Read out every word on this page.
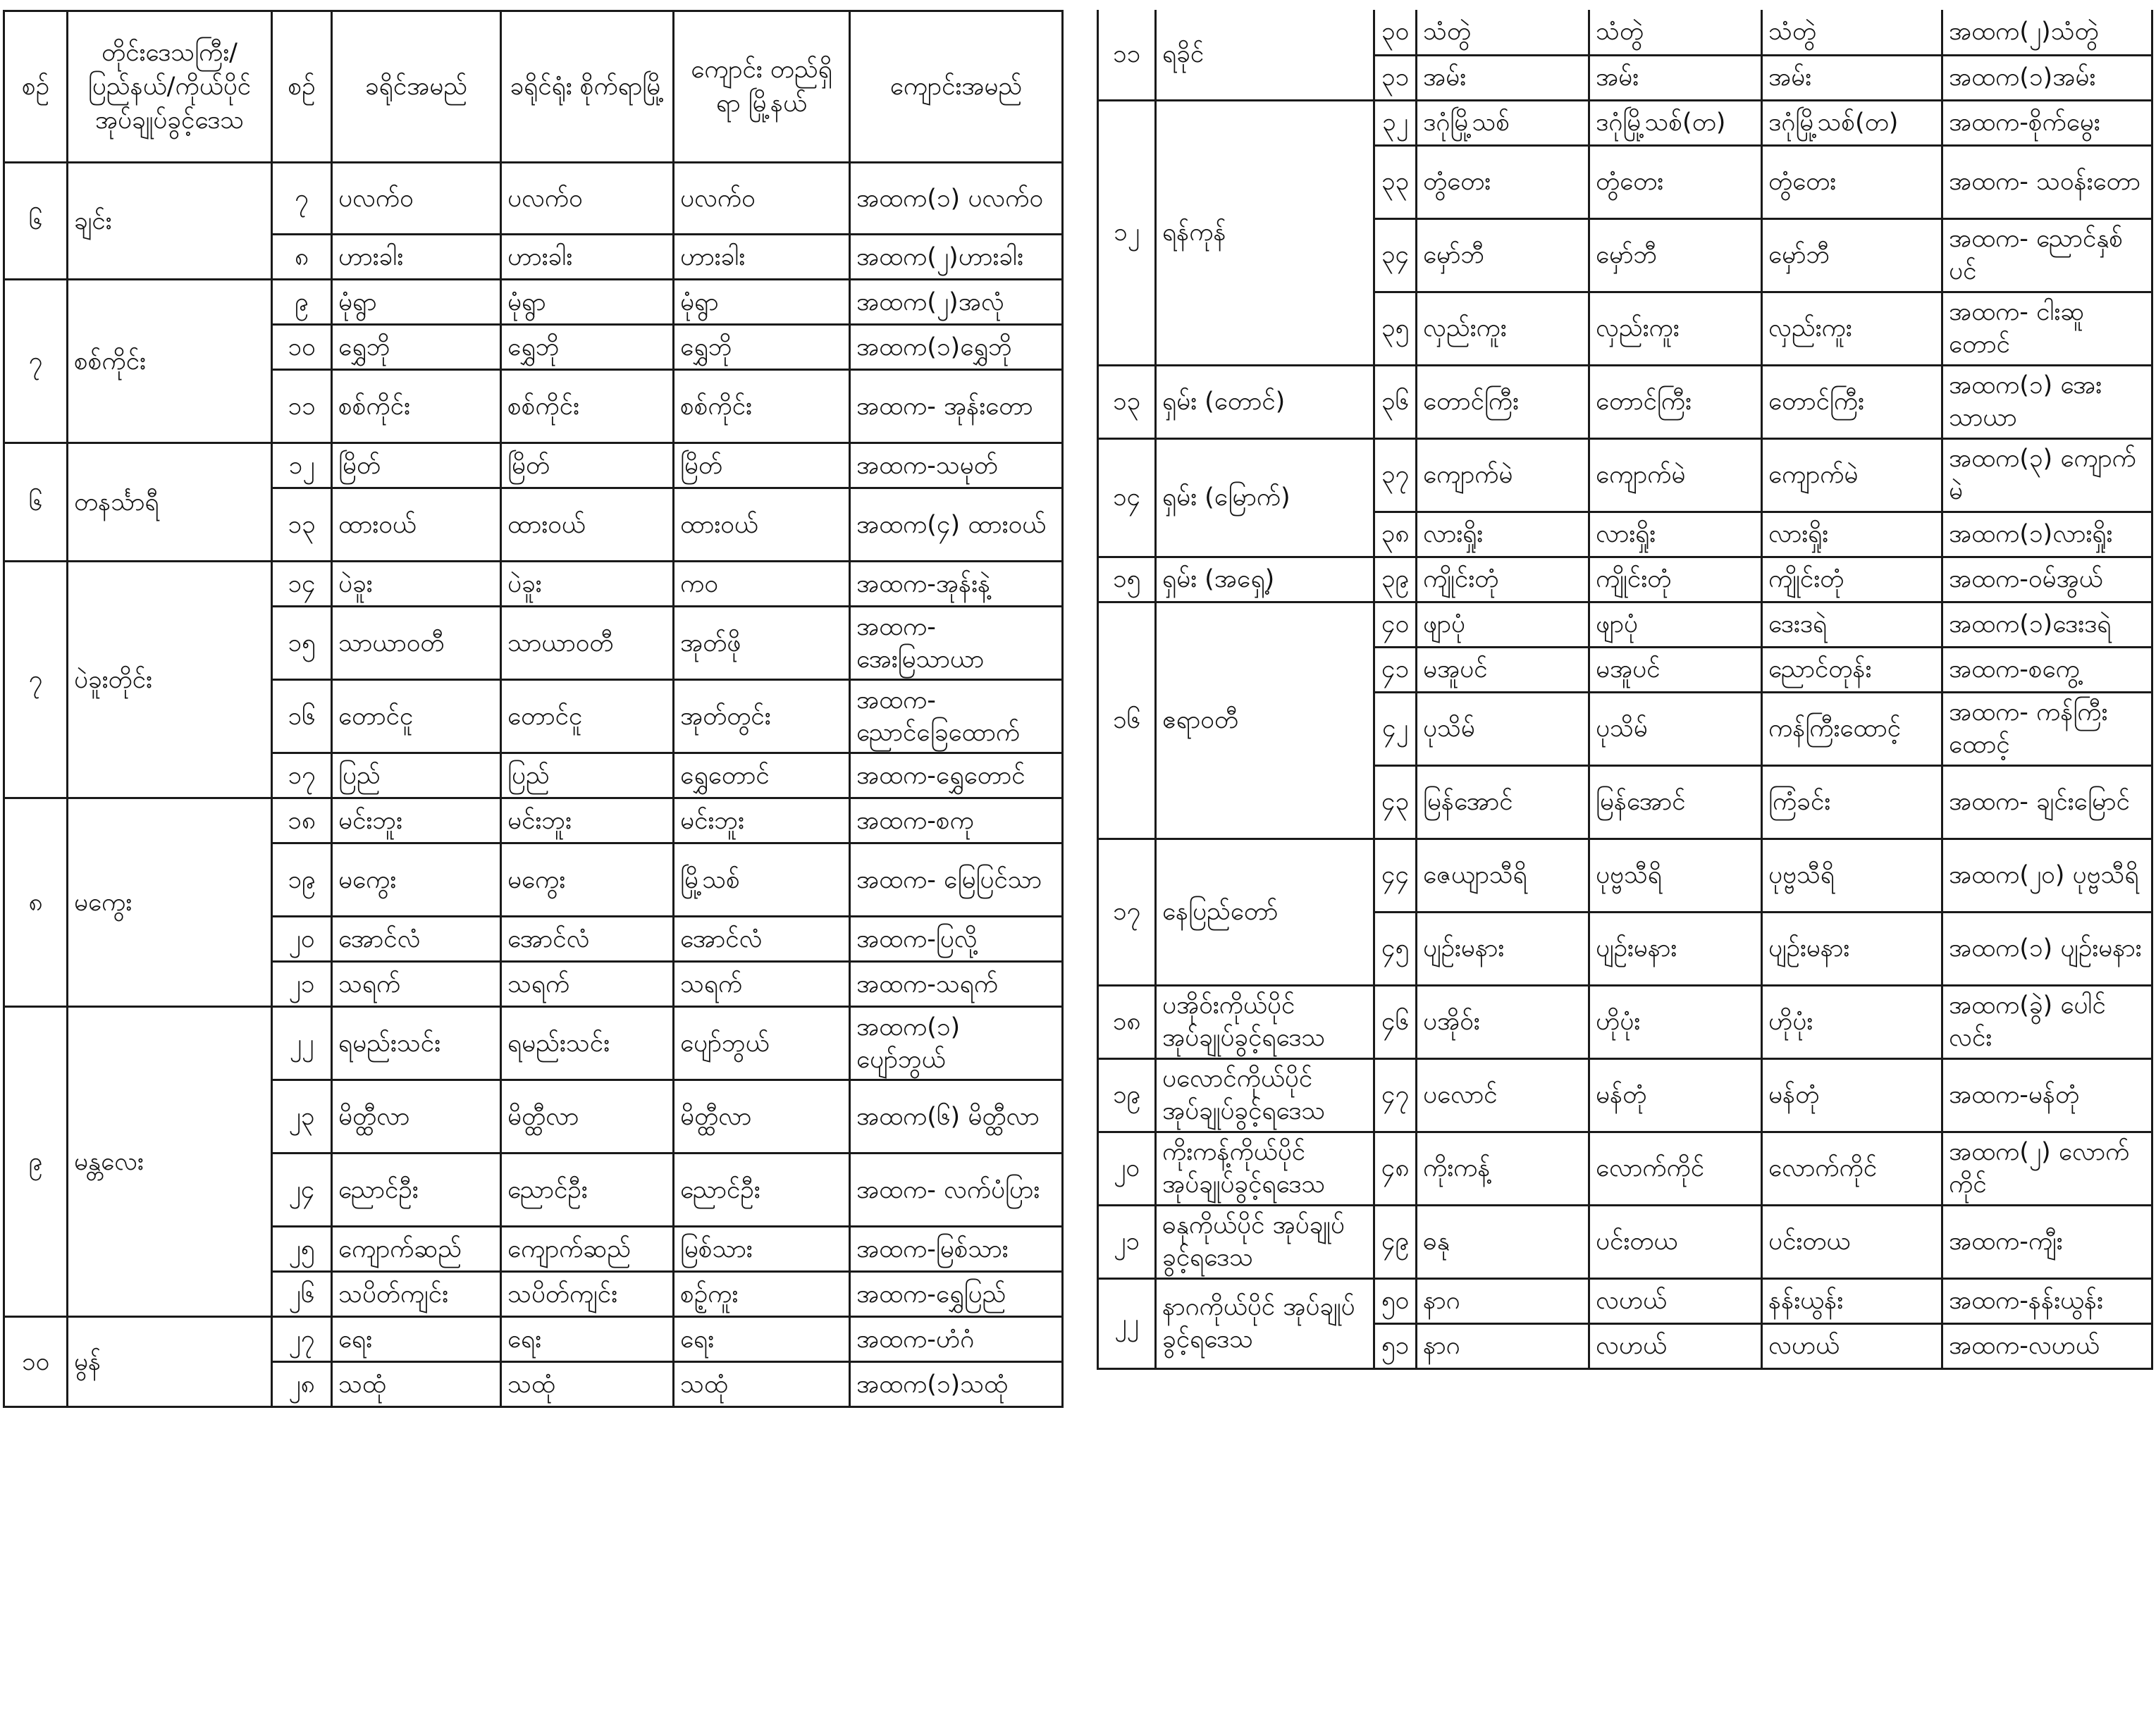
စဉ်	တိုင်းဒေသကြီး/ ပြည်နယ်/ကိုယ်ပိုင် အုပ်ချုပ်ခွင့်ဒေသ	စဉ်	ခရိုင်အမည်	ခရိုင်ရုံး စိုက်ရာမြို့	ကျောင်း တည်ရှိရာ မြို့နယ်	ကျောင်းအမည်
၆	ချင်း	၇	ပလက်ဝ	ပလက်ဝ	ပလက်ဝ	အထက(၁) ပလက်ဝ
		၈	ဟားခါး	ဟားခါး	ဟားခါး	အထက(၂)ဟားခါး
၇	စစ်ကိုင်း	၉	မုံရွာ	မုံရွာ	မုံရွာ	အထက(၂)အလုံ
		၁၀	ရွှေဘို	ရွှေဘို	ရွှေဘို	အထက(၁)ရွှေဘို
		၁၁	စစ်ကိုင်း	စစ်ကိုင်း	စစ်ကိုင်း	အထက- အုန်းတော
၆	တနင်္သာရီ	၁၂	မြိတ်	မြိတ်	မြိတ်	အထက-သမုတ်
		၁၃	ထားဝယ်	ထားဝယ်	ထားဝယ်	အထက(၄) ထားဝယ်
၇	ပဲခူးတိုင်း	၁၄	ပဲခူး	ပဲခူး	ကဝ	အထက-အုန်းနဲ့
		၁၅	သာယာဝတီ	သာယာဝတီ	အုတ်ဖို	အထက- အေးမြသာယာ
		၁၆	တောင်ငူ	တောင်ငူ	အုတ်တွင်း	အထက- ညောင်ခြေထောက်
		၁၇	ပြည်	ပြည်	ရွှေတောင်	အထက-ရွှေတောင်
၈	မကွေး	၁၈	မင်းဘူး	မင်းဘူး	မင်းဘူး	အထက-စကု
		၁၉	မကွေး	မကွေး	မြို့သစ်	အထက- မြေပြင်သာ
		၂၀	အောင်လံ	အောင်လံ	အောင်လံ	အထက-ပြလို့
		၂၁	သရက်	သရက်	သရက်	အထက-သရက်
၉	မန္တလေး	၂၂	ရမည်းသင်း	ရမည်းသင်း	ပျော်ဘွယ်	အထက(၁) ပျော်ဘွယ်
		၂၃	မိတ္ထီလာ	မိတ္ထီလာ	မိတ္ထီလာ	အထက(၆) မိတ္ထီလာ
		၂၄	ညောင်ဦး	ညောင်ဦး	ညောင်ဦး	အထက- လက်ပံပြား
		၂၅	ကျောက်ဆည်	ကျောက်ဆည်	မြစ်သား	အထက-မြစ်သား
		၂၆	သပိတ်ကျင်း	သပိတ်ကျင်း	စဥ့်ကူး	အထက-ရွှေပြည်
၁၀	မွန်	၂၇	ရေး	ရေး	ရေး	အထက-ဟံဂံ
		၂၈	သထုံ	သထုံ	သထုံ	အထက(၁)သထုံ
၁၁	ရခိုင်	၃၀	သံတွဲ	သံတွဲ	သံတွဲ	အထက(၂)သံတွဲ
		၃၁	အမ်း	အမ်း	အမ်း	အထက(၁)အမ်း
၁၂	ရန်ကုန်	၃၂	ဒဂုံမြို့သစ်	ဒဂုံမြို့သစ်(တ)	ဒဂုံမြို့သစ်(တ)	အထက-စိုက်မွေး
		၃၃	တွံတေး	တွံတေး	တွံတေး	အထက- သဝန်းတော
		၃၄	မှော်ဘီ	မှော်ဘီ	မှော်ဘီ	အထက- ညောင်နှစ်ပင်
		၃၅	လှည်းကူး	လှည်းကူး	လှည်းကူး	အထက- ငါးဆူတောင်
၁၃	ရှမ်း (တောင်)	၃၆	တောင်ကြီး	တောင်ကြီး	တောင်ကြီး	အထက(၁) အေးသာယာ
၁၄	ရှမ်း (မြောက်)	၃၇	ကျောက်မဲ	ကျောက်မဲ	ကျောက်မဲ	အထက(၃) ကျောက်မဲ
		၃၈	လားရှိုး	လားရှိုး	လားရှိုး	အထက(၁)လားရှိုး
၁၅	ရှမ်း (အရှေ့)	၃၉	ကျိုင်းတုံ	ကျိုင်းတုံ	ကျိုင်းတုံ	အထက-ဝမ်အွယ်
၁၆	ဧရာဝတီ	၄၀	ဖျာပုံ	ဖျာပုံ	ဒေးဒရဲ	အထက(၁)ဒေးဒရဲ
		၄၁	မအူပင်	မအူပင်	ညောင်တုန်း	အထက-စကွေ့
		၄၂	ပုသိမ်	ပုသိမ်	ကန်ကြီးထောင့်	အထက- ကန်ကြီးထောင့်
		၄၃	မြန်အောင်	မြန်အောင်	ကြံခင်း	အထက- ချင်းမြောင်
၁၇	နေပြည်တော်	၄၄	ဇေယျာသီရိ	ပုဗ္ဗသီရိ	ပုဗ္ဗသီရိ	အထက(၂၀) ပုဗ္ဗသီရိ
		၄၅	ပျဉ်းမနား	ပျဉ်းမနား	ပျဉ်းမနား	အထက(၁) ပျဉ်းမနား
၁၈	ပအိုဝ်းကိုယ်ပိုင် အုပ်ချုပ်ခွင့်ရဒေသ	၄၆	ပအိုဝ်း	ဟိုပုံး	ဟိုပုံး	အထက(ခွဲ) ပေါင်လင်း
၁၉	ပလောင်ကိုယ်ပိုင် အုပ်ချုပ်ခွင့်ရဒေသ	၄၇	ပလောင်	မန်တုံ	မန်တုံ	အထက-မန်တုံ
၂၀	ကိုးကန့်ကိုယ်ပိုင် အုပ်ချုပ်ခွင့်ရဒေသ	၄၈	ကိုးကန့်	လောက်ကိုင်	လောက်ကိုင်	အထက(၂) လောက်ကိုင်
၂၁	ဓနုကိုယ်ပိုင် အုပ်ချုပ်ခွင့်ရဒေသ	၄၉	ဓနု	ပင်းတယ	ပင်းတယ	အထက-ကျီး
၂၂	နာဂကိုယ်ပိုင် အုပ်ချုပ်ခွင့်ရဒေသ	၅၀	နာဂ	လဟယ်	နန်းယွန်း	အထက-နန်းယွန်း
		၅၁	နာဂ	လဟယ်	လဟယ်	အထက-လဟယ်
